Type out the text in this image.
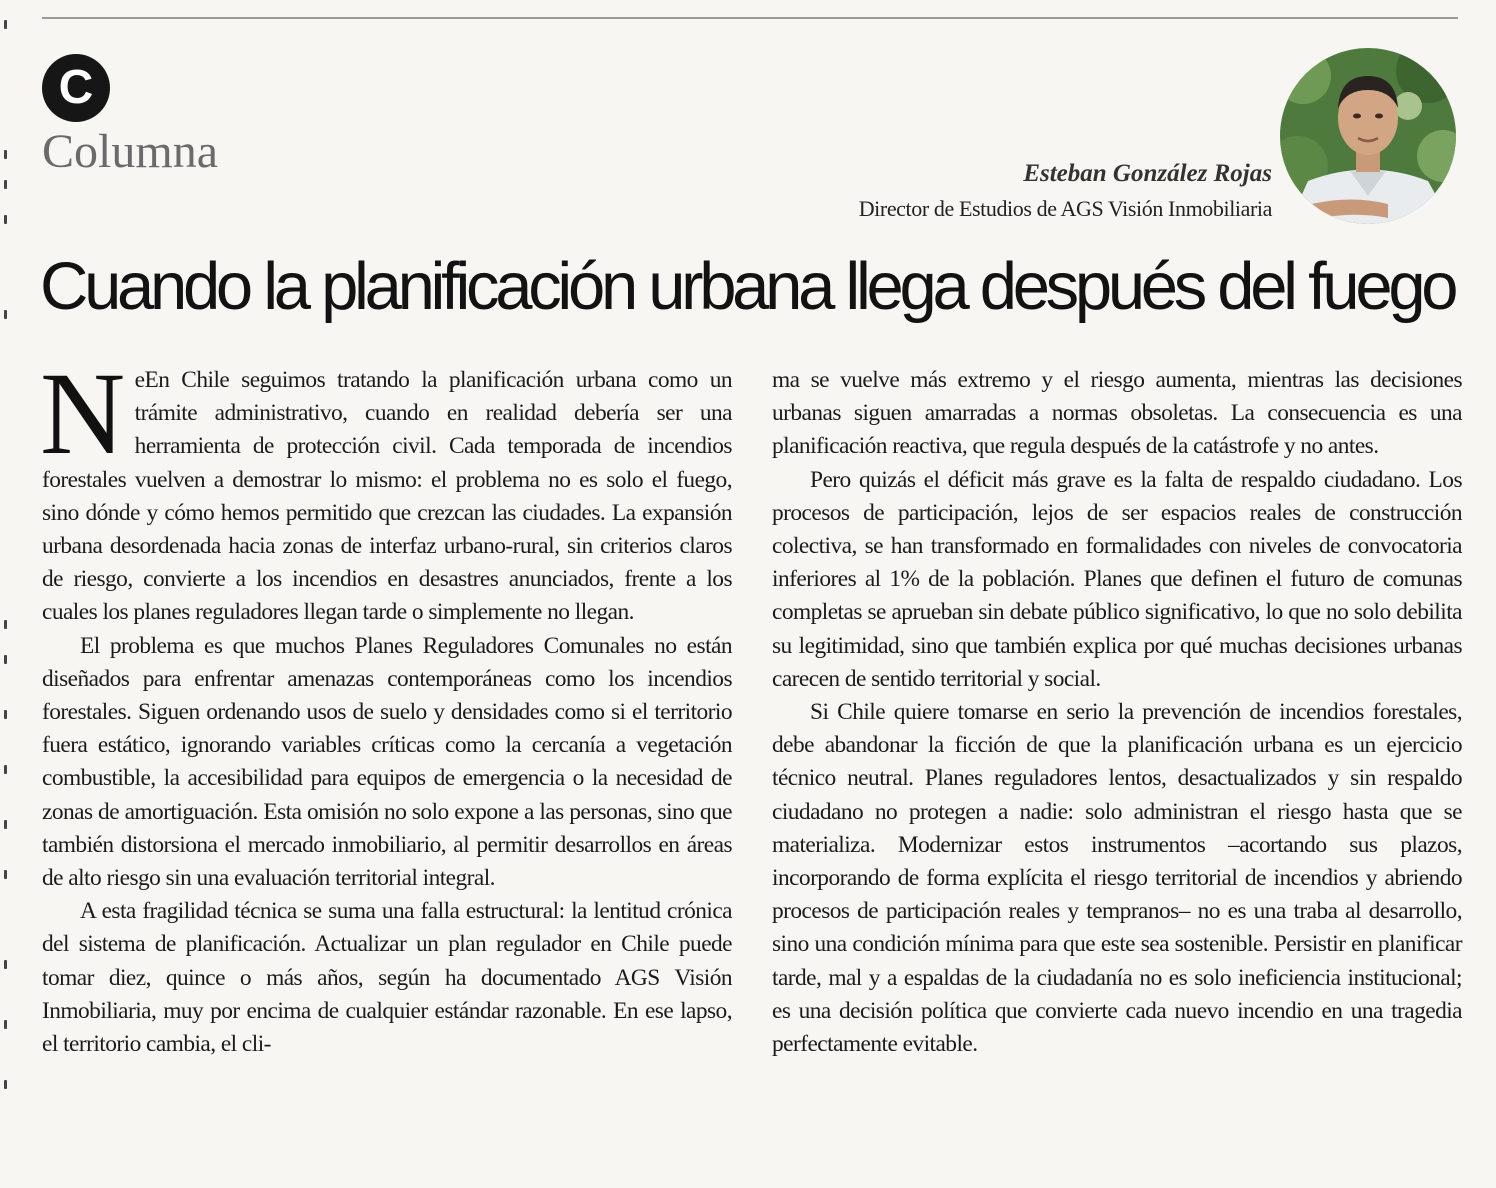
C
Columna	Esteban González Rojas
Director de Estudios de AGS Visión Inmobiliaria
Cuando la planificación urbana llega después del fuego

NeEn Chile seguimos tratando la planificación urbana como un trámite administrativo, cuando en realidad debería ser una herramienta de protección civil. Cada temporada de incendios forestales vuelven a demostrar lo mismo: el problema no es solo el fuego, sino dónde y cómo hemos permitido que crezcan las ciudades. La expansión urbana desordenada hacia zonas de interfaz urbano-rural, sin criterios claros de riesgo, convierte a los incendios en desastres anunciados, frente a los cuales los planes reguladores llegan tarde o simplemente no llegan.

El problema es que muchos Planes Reguladores Comunales no están diseñados para enfrentar amenazas contemporáneas como los incendios forestales. Siguen ordenando usos de suelo y densidades como si el territorio fuera estático, ignorando variables críticas como la cercanía a vegetación combustible, la accesibilidad para equipos de emergencia o la necesidad de zonas de amortiguación. Esta omisión no solo expone a las personas, sino que también distorsiona el mercado inmobiliario, al permitir desarrollos en áreas de alto riesgo sin una evaluación territorial integral.

A esta fragilidad técnica se suma una falla estructural: la lentitud crónica del sistema de planificación. Actualizar un plan regulador en Chile puede tomar diez, quince o más años, según ha documentado AGS Visión Inmobiliaria, muy por encima de cualquier estándar razonable. En ese lapso, el territorio cambia, el cli-

ma se vuelve más extremo y el riesgo aumenta, mientras las decisiones urbanas siguen amarradas a normas obsoletas. La consecuencia es una planificación reactiva, que regula después de la catástrofe y no antes.

Pero quizás el déficit más grave es la falta de respaldo ciudadano. Los procesos de participación, lejos de ser espacios reales de construcción colectiva, se han transformado en formalidades con niveles de convocatoria inferiores al 1% de la población. Planes que definen el futuro de comunas completas se aprueban sin debate público significativo, lo que no solo debilita su legitimidad, sino que también explica por qué muchas decisiones urbanas carecen de sentido territorial y social.

Si Chile quiere tomarse en serio la prevención de incendios forestales, debe abandonar la ficción de que la planificación urbana es un ejercicio técnico neutral. Planes reguladores lentos, desactualizados y sin respaldo ciudadano no protegen a nadie: solo administran el riesgo hasta que se materializa. Modernizar estos instrumentos –acortando sus plazos, incorporando de forma explícita el riesgo territorial de incendios y abriendo procesos de participación reales y tempranos– no es una traba al desarrollo, sino una condición mínima para que este sea sostenible. Persistir en planificar tarde, mal y a espaldas de la ciudadanía no es solo ineficiencia institucional; es una decisión política que convierte cada nuevo incendio en una tragedia perfectamente evitable.
